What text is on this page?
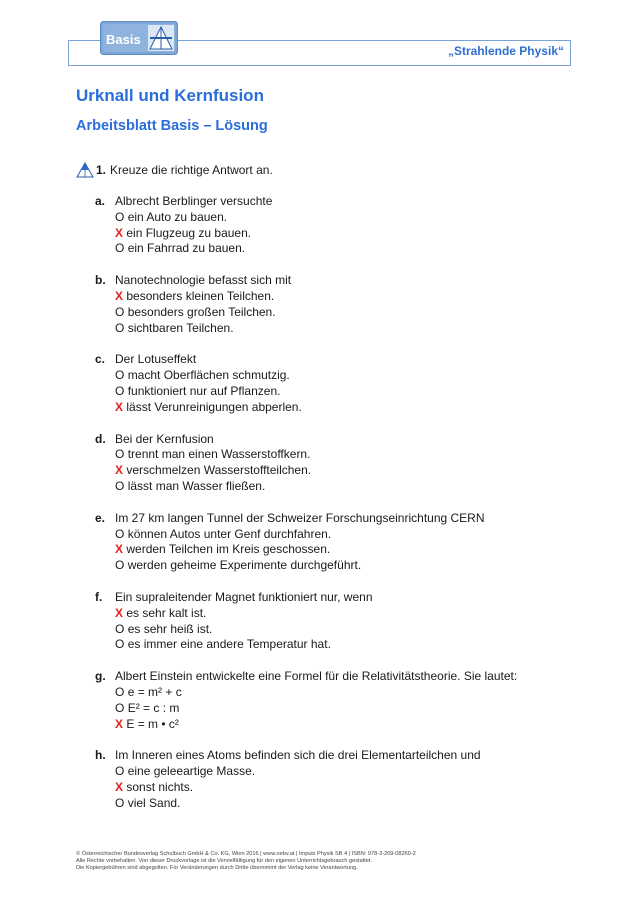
Basis
„Strahlende Physik“
Urknall und Kernfusion
Arbeitsblatt Basis – Lösung
1. Kreuze die richtige Antwort an.
a. Albrecht Berblinger versuchte
O ein Auto zu bauen.
X ein Flugzeug zu bauen.
O ein Fahrrad zu bauen.
b. Nanotechnologie befasst sich mit
X besonders kleinen Teilchen.
O besonders großen Teilchen.
O sichtbaren Teilchen.
c. Der Lotuseffekt
O macht Oberflächen schmutzig.
O funktioniert nur auf Pflanzen.
X lässt Verunreinigungen abperlen.
d. Bei der Kernfusion
O trennt man einen Wasserstoffkern.
X verschmelzen Wasserstoffteilchen.
O lässt man Wasser fließen.
e. Im 27 km langen Tunnel der Schweizer Forschungseinrichtung CERN
O können Autos unter Genf durchfahren.
X werden Teilchen im Kreis geschossen.
O werden geheime Experimente durchgeführt.
f.	Ein supraleitender Magnet funktioniert nur, wenn
X es sehr kalt ist.
O es sehr heiß ist.
O es immer eine andere Temperatur hat.
g. Albert Einstein entwickelte eine Formel für die Relativitätstheorie. Sie lautet:
O e = m² + c
O E² = c : m
X E = m • c²
h. Im Inneren eines Atoms befinden sich die drei Elementarteilchen und
O eine geleeartige Masse.
X sonst nichts.
O viel Sand.
© Österreichischer Bundesverlag Schulbuch GmbH & Co. KG, Wien 2016 | www.oebv.at | Impuls Physik SB 4 | ISBN: 978-3-209-08260-2
Alle Rechte vorbehalten. Von dieser Druckvorlage ist die Vervielfältigung für den eigenen Unterrichtsgebrauch gestattet.
Die Kopiergebühren sind abgegolten. Für Veränderungen durch Dritte übernimmt der Verlag keine Verantwortung.
